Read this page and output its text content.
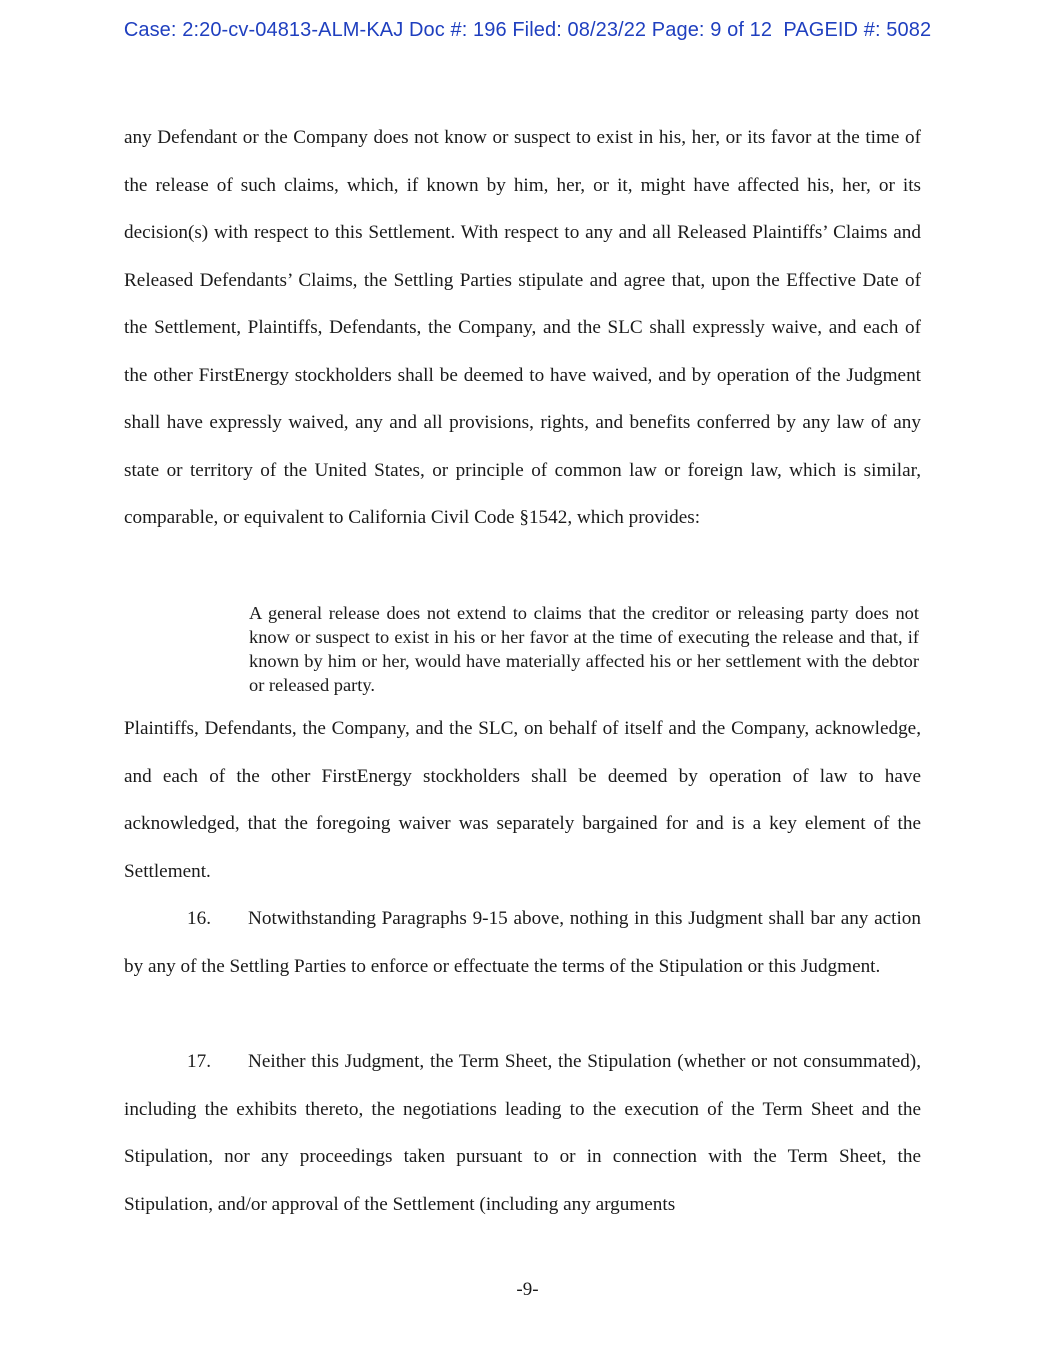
Case: 2:20-cv-04813-ALM-KAJ Doc #: 196 Filed: 08/23/22 Page: 9 of 12  PAGEID #: 5082

any Defendant or the Company does not know or suspect to exist in his, her, or its favor at the time of the release of such claims, which, if known by him, her, or it, might have affected his, her, or its decision(s) with respect to this Settlement. With respect to any and all Released Plaintiffs’ Claims and Released Defendants’ Claims, the Settling Parties stipulate and agree that, upon the Effective Date of the Settlement, Plaintiffs, Defendants, the Company, and the SLC shall expressly waive, and each of the other FirstEnergy stockholders shall be deemed to have waived, and by operation of the Judgment shall have expressly waived, any and all provisions, rights, and benefits conferred by any law of any state or territory of the United States, or principle of common law or foreign law, which is similar, comparable, or equivalent to California Civil Code §1542, which provides:

A general release does not extend to claims that the creditor or releasing party does not know or suspect to exist in his or her favor at the time of executing the release and that, if known by him or her, would have materially affected his or her settlement with the debtor or released party.

Plaintiffs, Defendants, the Company, and the SLC, on behalf of itself and the Company, acknowledge, and each of the other FirstEnergy stockholders shall be deemed by operation of law to have acknowledged, that the foregoing waiver was separately bargained for and is a key element of the Settlement.

16. Notwithstanding Paragraphs 9-15 above, nothing in this Judgment shall bar any action by any of the Settling Parties to enforce or effectuate the terms of the Stipulation or this Judgment.

17. Neither this Judgment, the Term Sheet, the Stipulation (whether or not consummated), including the exhibits thereto, the negotiations leading to the execution of the Term Sheet and the Stipulation, nor any proceedings taken pursuant to or in connection with the Term Sheet, the Stipulation, and/or approval of the Settlement (including any arguments

-9-
